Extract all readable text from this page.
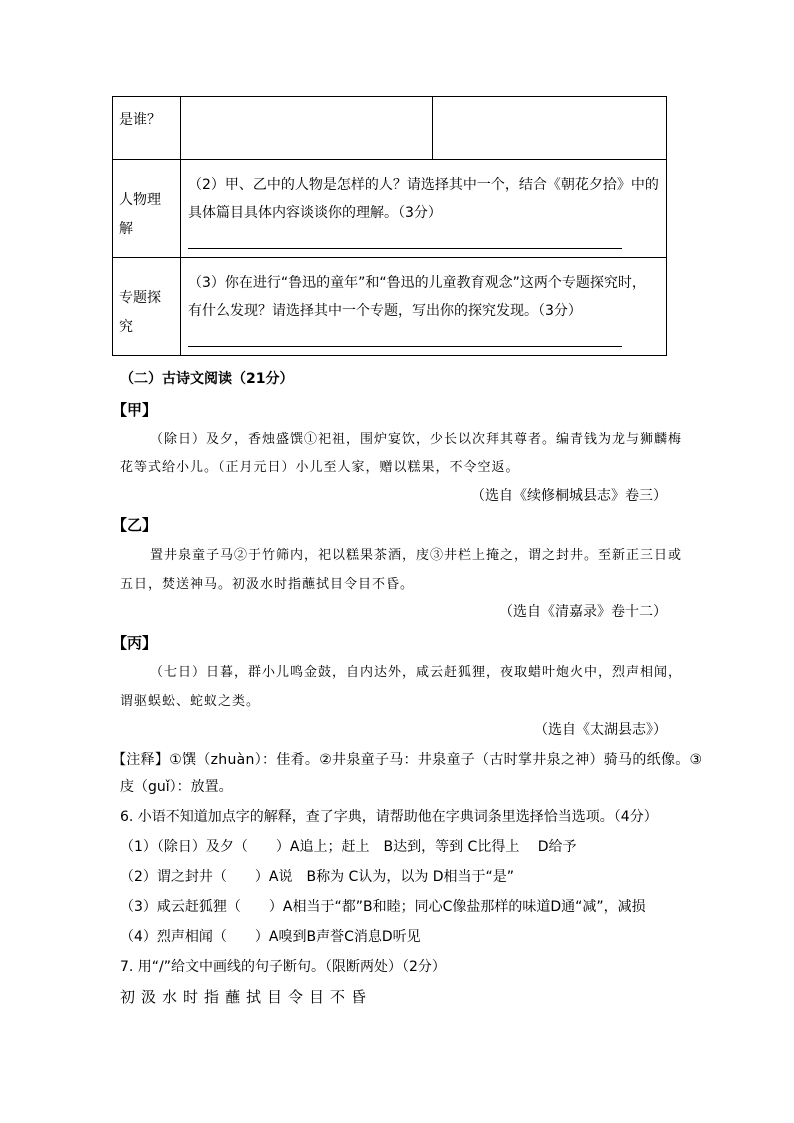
是谁？
人物理
解
（2）甲、乙中的人物是怎样的人？请选择其中一个，结合《朝花夕拾》中的
具体篇目具体内容谈谈你的理解。（3分）
专题探
究
（3）你在进行“鲁迅的童年”和“鲁迅的儿童教育观念”这两个专题探究时，
有什么发现？请选择其中一个专题，写出你的探究发现。（3分）
（二）古诗文阅读（21分）
【甲】
（除日）及夕，香烛盛馔①祀祖，围炉宴饮，少长以次拜其尊者。编青钱为龙与狮麟梅
花等式给小儿。（正月元日）小儿至人家，赠以糕果，不令空返。
（选自《续修桐城县志》卷三）
【乙】
置井泉童子马②于竹筛内，祀以糕果茶酒，庋③井栏上掩之，谓之封井。至新正三日或
五日，焚送神马。初汲水时指蘸拭目令目不昏。
（选自《清嘉录》卷十二）
【丙】
（七日）日暮，群小儿鸣金鼓，自内达外，咸云赶狐狸，夜取蜡叶炮火中，烈声相闻，
谓驱蜈蚣、蛇蚁之类。
（选自《太湖县志》）
【注释】①馔（zhuàn）：佳肴。②井泉童子马：井泉童子（古时掌井泉之神）骑马的纸像。③
庋（guǐ）：放置。
6. 小语不知道加点字的解释，查了字典，请帮助他在字典词条里选择恰当选项。（4分）
（1）（除日）及夕（　　）A追上；赶上　B达到，等到 C比得上　 D给予
（2）谓之封井（　　）A说　B称为 C认为，以为 D相当于“是”
（3）咸云赶狐狸（　　）A相当于“都”B和睦；同心C像盐那样的味道D通“减”，减损
（4）烈声相闻（　　）A嗅到B声誉C消息D听见
7. 用“/”给文中画线的句子断句。（限断两处）（2分）
初汲水时指蘸拭目令目不昏
